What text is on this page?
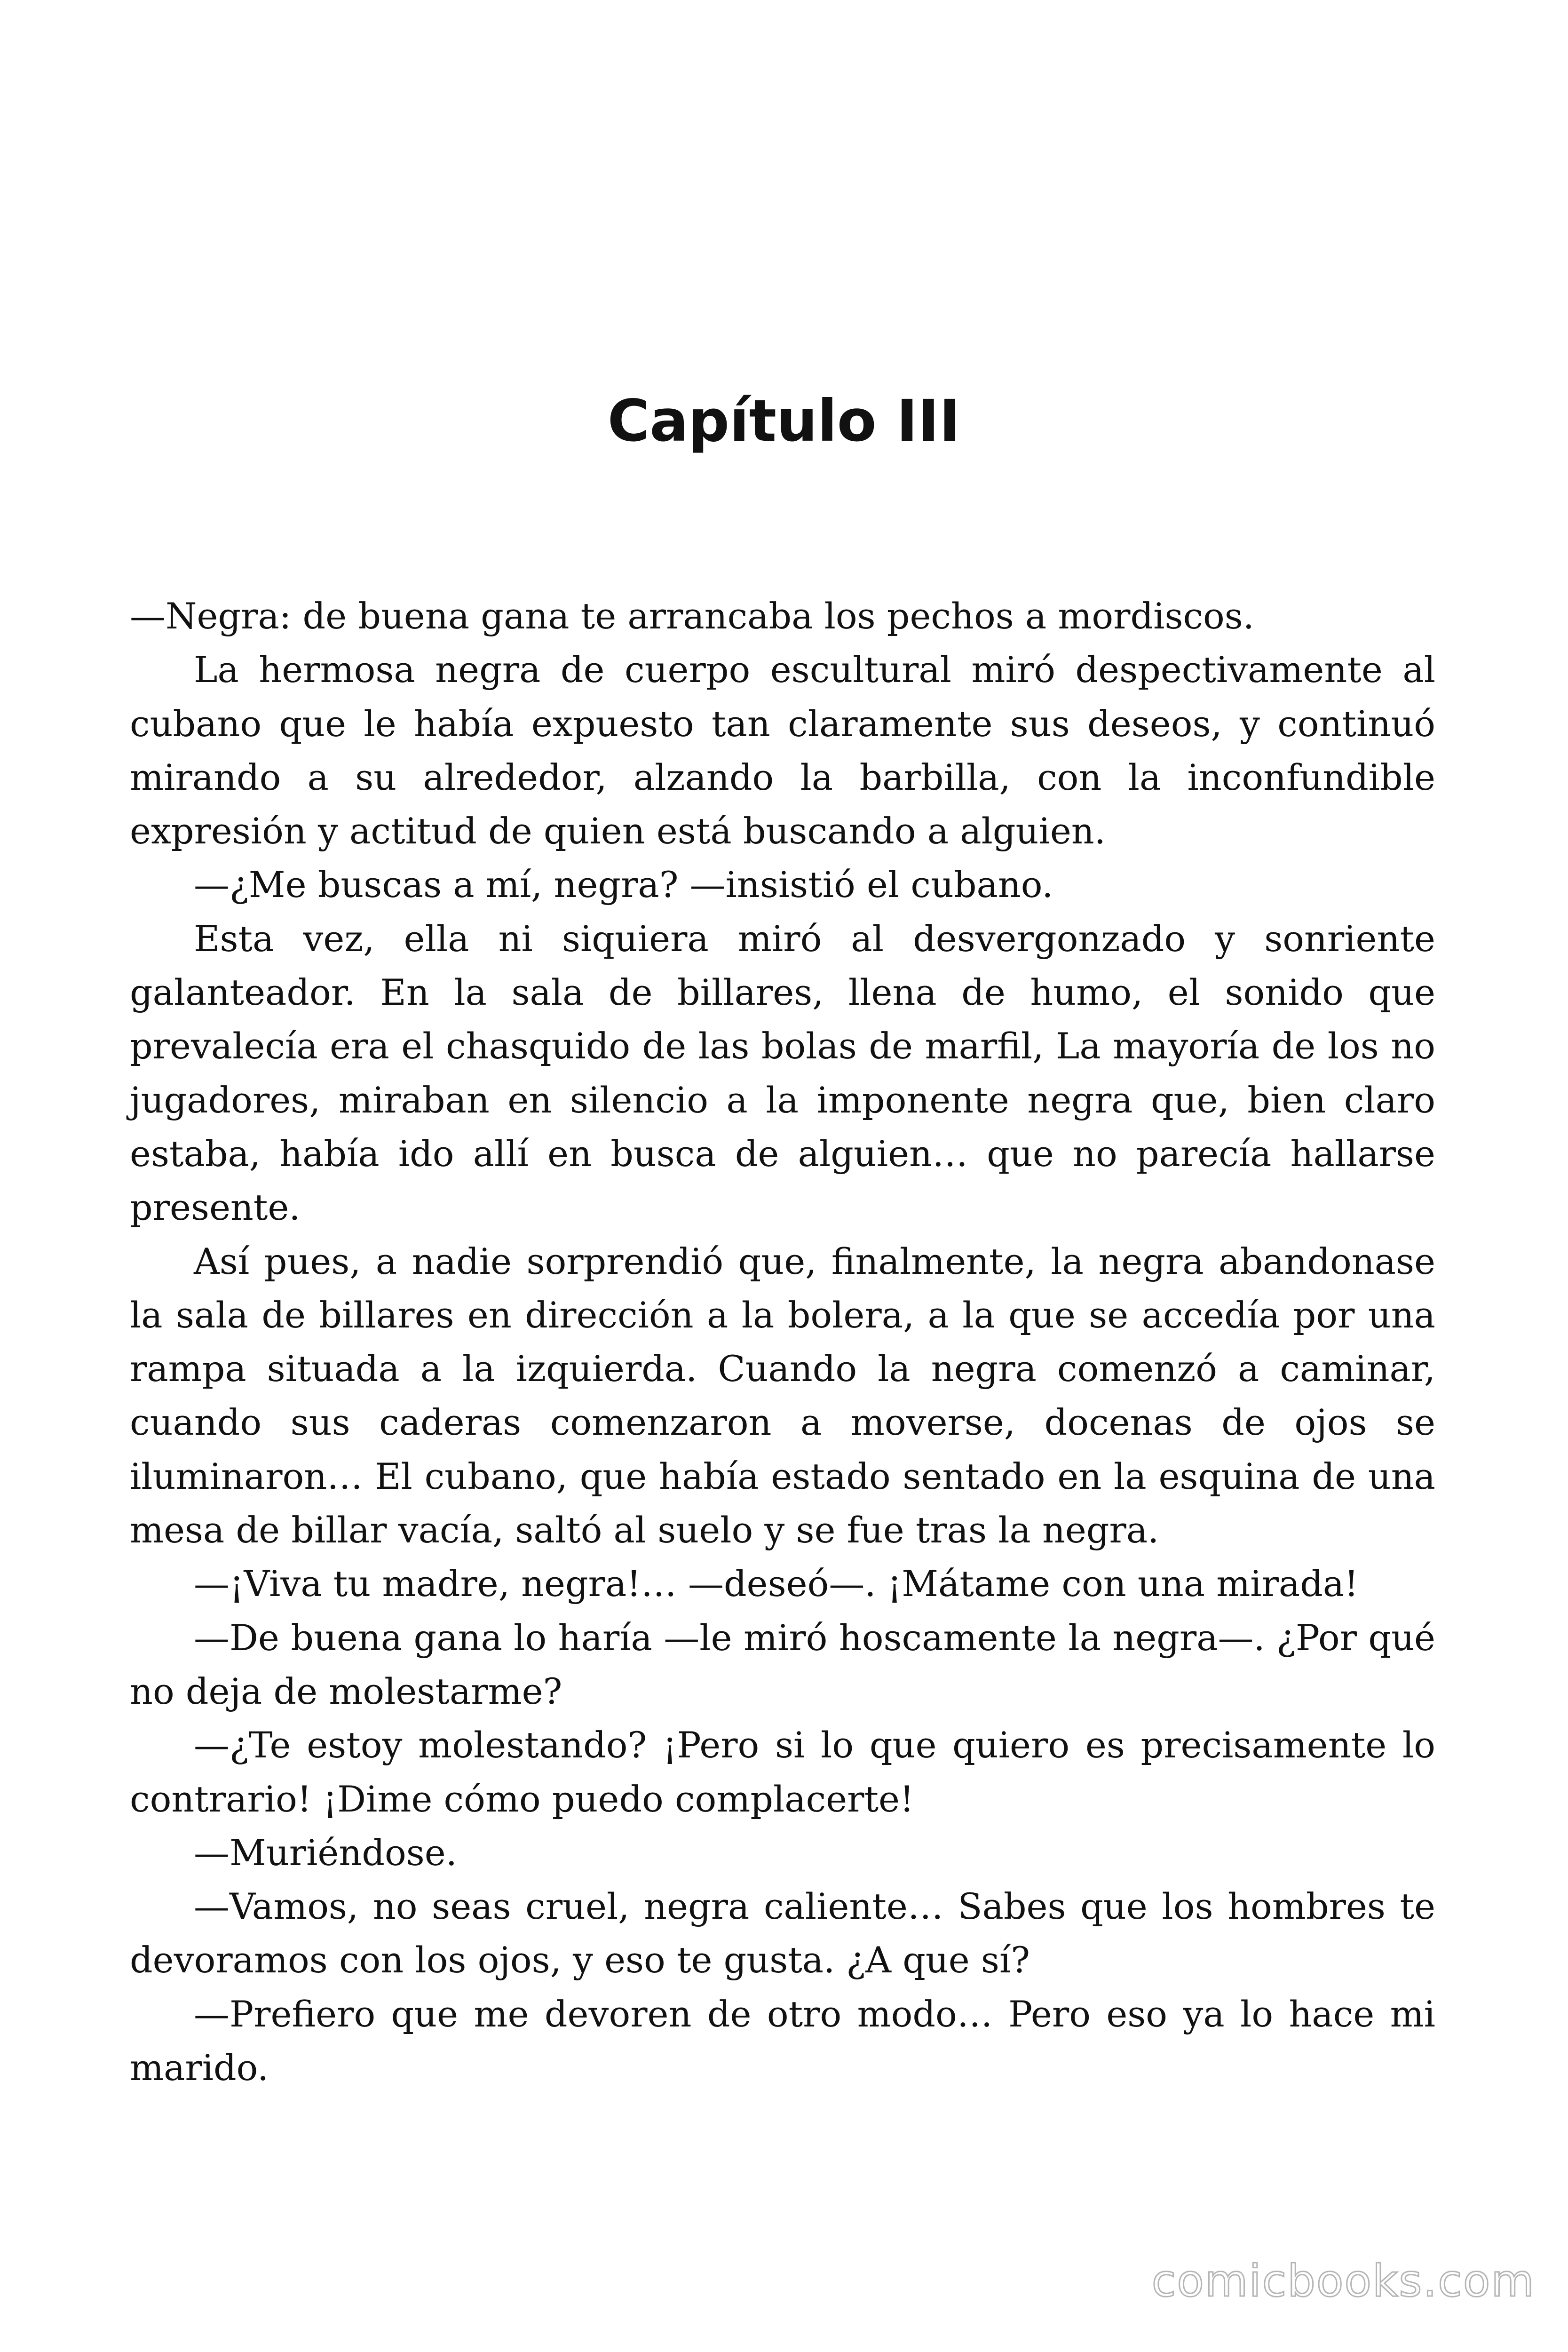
Capítulo III

—Negra: de buena gana te arrancaba los pechos a mordiscos.

La hermosa negra de cuerpo escultural miró despectivamente al cubano que le había expuesto tan claramente sus deseos, y continuó mirando a su alrededor, alzando la barbilla, con la inconfundible expresión y actitud de quien está buscando a alguien.

—¿Me buscas a mí, negra? —insistió el cubano.

Esta vez, ella ni siquiera miró al desvergonzado y sonriente galanteador. En la sala de billares, llena de humo, el sonido que prevalecía era el chasquido de las bolas de marfil, La mayoría de los no jugadores, miraban en silencio a la imponente negra que, bien claro estaba, había ido allí en busca de alguien… que no parecía hallarse presente.

Así pues, a nadie sorprendió que, finalmente, la negra abandonase la sala de billares en dirección a la bolera, a la que se accedía por una rampa situada a la izquierda. Cuando la negra comenzó a caminar, cuando sus caderas comenzaron a moverse, docenas de ojos se iluminaron… El cubano, que había estado sentado en la esquina de una mesa de billar vacía, saltó al suelo y se fue tras la negra.

—¡Viva tu madre, negra!… —deseó—. ¡Mátame con una mirada!

—De buena gana lo haría —le miró hoscamente la negra—. ¿Por qué no deja de molestarme?

—¿Te estoy molestando? ¡Pero si lo que quiero es precisamente lo contrario! ¡Dime cómo puedo complacerte!

—Muriéndose.

—Vamos, no seas cruel, negra caliente… Sabes que los hombres te devoramos con los ojos, y eso te gusta. ¿A que sí?

—Prefiero que me devoren de otro modo… Pero eso ya lo hace mi marido.

comicbooks.com
